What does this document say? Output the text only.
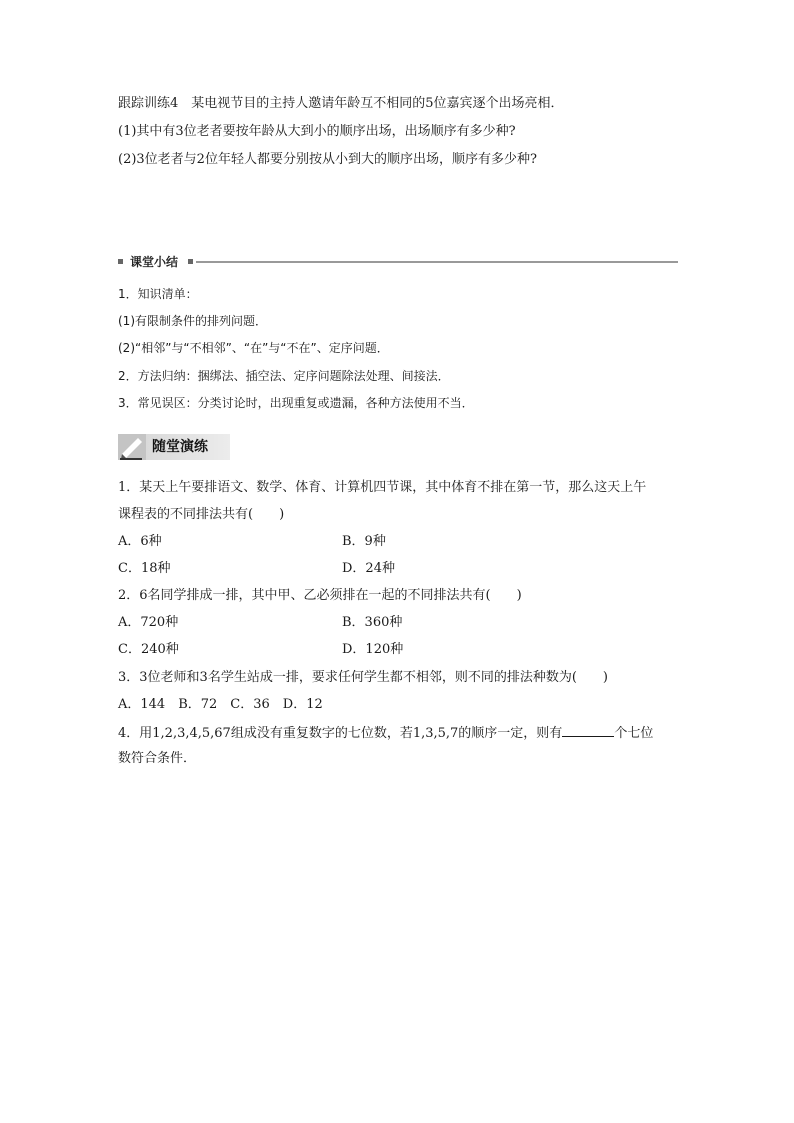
跟踪训练4　某电视节目的主持人邀请年龄互不相同的5位嘉宾逐个出场亮相．
(1)其中有3位老者要按年龄从大到小的顺序出场，出场顺序有多少种?
(2)3位老者与2位年轻人都要分别按从小到大的顺序出场，顺序有多少种?
课堂小结
1．知识清单：
(1)有限制条件的排列问题．
(2)“相邻”与“不相邻”、“在”与“不在”、定序问题．
2．方法归纳：捆绑法、插空法、定序问题除法处理、间接法．
3．常见误区：分类讨论时，出现重复或遗漏，各种方法使用不当．
随堂演练
1．某天上午要排语文、数学、体育、计算机四节课，其中体育不排在第一节，那么这天上午
课程表的不同排法共有(　　)
A．6种	B．9种
C．18种	D．24种
2．6名同学排成一排，其中甲、乙必须排在一起的不同排法共有(　　)
A．720种	B．360种
C．240种	D．120种
3．3位老师和3名学生站成一排，要求任何学生都不相邻，则不同的排法种数为(　　)
A．144　B．72　C．36　D．12
4．用1,2,3,4,5,67组成没有重复数字的七位数，若1,3,5,7的顺序一定，则有	个七位
数符合条件．
